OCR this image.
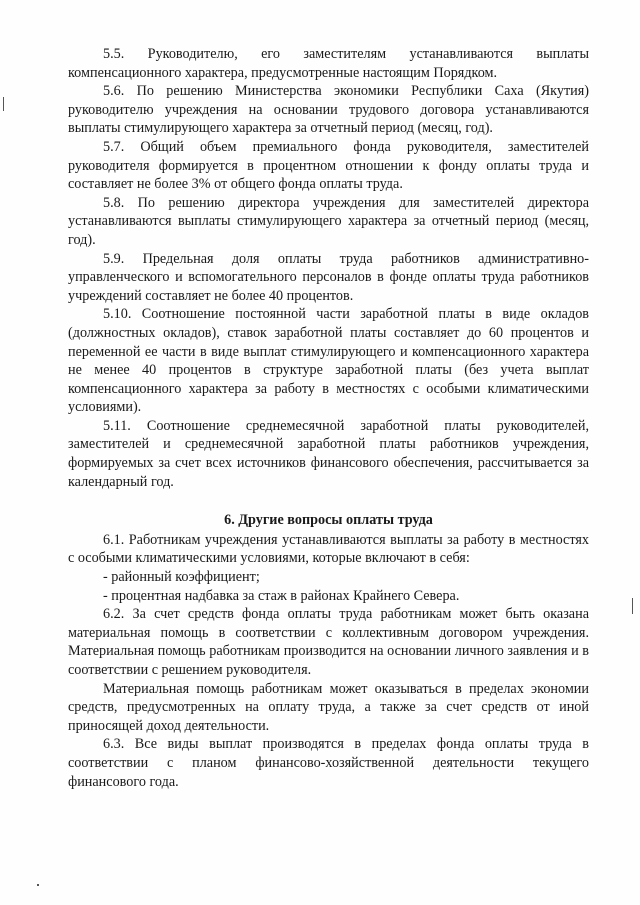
5.5. Руководителю, его заместителям устанавливаются выплаты компенсационного характера, предусмотренные настоящим Порядком.

5.6. По решению Министерства экономики Республики Саха (Якутия) руководителю учреждения на основании трудового договора устанавливаются выплаты стимулирующего характера за отчетный период (месяц, год).

5.7. Общий объем премиального фонда руководителя, заместителей руководителя формируется в процентном отношении к фонду оплаты труда и составляет не более 3% от общего фонда оплаты труда.

5.8. По решению директора учреждения для заместителей директора устанавливаются выплаты стимулирующего характера за отчетный период (месяц, год).

5.9. Предельная доля оплаты труда работников административно-управленческого и вспомогательного персоналов в фонде оплаты труда работников учреждений составляет не более 40 процентов.

5.10. Соотношение постоянной части заработной платы в виде окладов (должностных окладов), ставок заработной платы составляет до 60 процентов и переменной ее части в виде выплат стимулирующего и компенсационного характера не менее 40 процентов в структуре заработной платы (без учета выплат компенсационного характера за работу в местностях с особыми климатическими условиями).

5.11. Соотношение среднемесячной заработной платы руководителей, заместителей и среднемесячной заработной платы работников учреждения, формируемых за счет всех источников финансового обеспечения, рассчитывается за календарный год.

6. Другие вопросы оплаты труда

6.1. Работникам учреждения устанавливаются выплаты за работу в местностях с особыми климатическими условиями, которые включают в себя:

- районный коэффициент;

- процентная надбавка за стаж в районах Крайнего Севера.

6.2. За счет средств фонда оплаты труда работникам может быть оказана материальная помощь в соответствии с коллективным договором учреждения. Материальная помощь работникам производится на основании личного заявления и в соответствии с решением руководителя.

Материальная помощь работникам может оказываться в пределах экономии средств, предусмотренных на оплату труда, а также за счет средств от иной приносящей доход деятельности.

6.3. Все виды выплат производятся в пределах фонда оплаты труда в соответствии с планом финансово-хозяйственной деятельности текущего финансового года.
